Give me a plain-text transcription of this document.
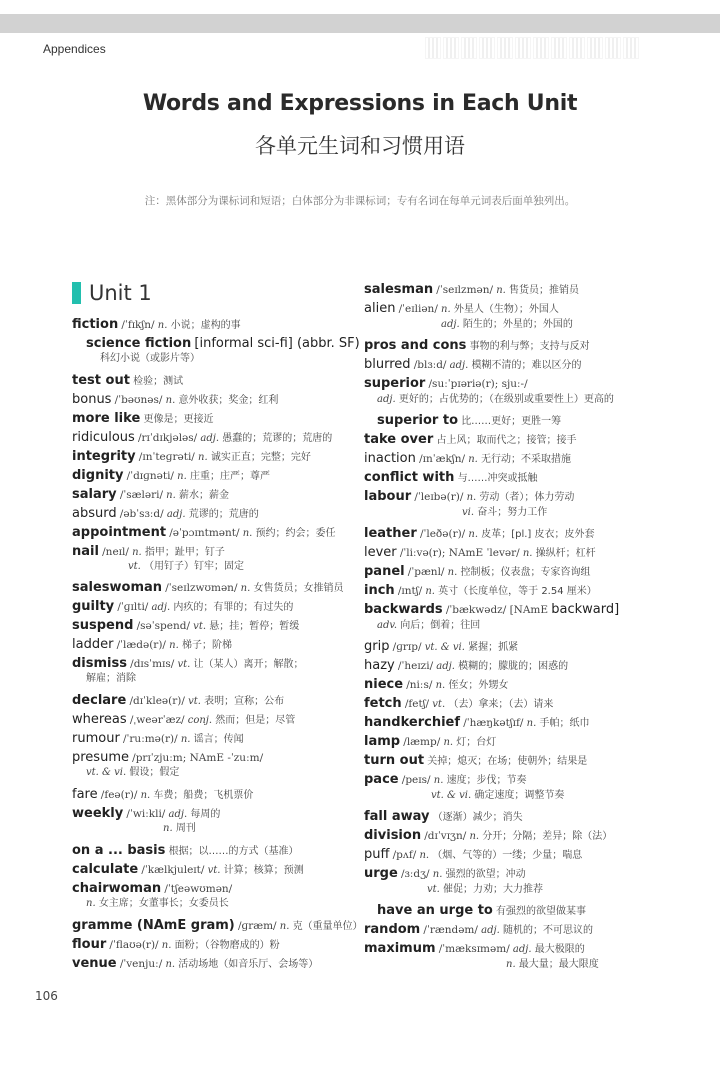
Appendices
Words and Expressions in Each Unit
各单元生词和习惯用语
注：黑体部分为课标词和短语；白体部分为非课标词；专有名词在每单元词表后面单独列出。
Unit 1
fiction /ˈfɪkʃn/ n. 小说；虚构的事
science fiction [informal sci-fi] (abbr. SF)
科幻小说（或影片等）
test out 检验；测试
bonus /ˈbəʊnəs/ n. 意外收获；奖金；红利
more like 更像是；更接近
ridiculous /rɪˈdɪkjələs/ adj. 愚蠢的；荒谬的；荒唐的
integrity /ɪnˈteɡrəti/ n. 诚实正直；完整；完好
dignity /ˈdɪɡnəti/ n. 庄重；庄严；尊严
salary /ˈsæləri/ n. 薪水；薪金
absurd /əbˈsɜːd/ adj. 荒谬的；荒唐的
appointment /əˈpɔɪntmənt/ n. 预约；约会；委任
nail /neɪl/ n. 指甲；趾甲；钉子
vt. （用钉子）钉牢；固定
saleswoman /ˈseɪlzwʊmən/ n. 女售货员；女推销员
guilty /ˈɡɪlti/ adj. 内疚的；有罪的；有过失的
suspend /səˈspend/ vt. 悬；挂；暂停；暂缓
ladder /ˈlædə(r)/ n. 梯子；阶梯
dismiss /dɪsˈmɪs/ vt. 让（某人）离开；解散；
解雇；消除
declare /dɪˈkleə(r)/ vt. 表明；宣称；公布
whereas /ˌweərˈæz/ conj. 然而；但是；尽管
rumour /ˈruːmə(r)/ n. 谣言；传闻
presume /prɪˈzjuːm; NAmE -ˈzuːm/
vt. & vi. 假设；假定
fare /feə(r)/ n. 车费；船费；飞机票价
weekly /ˈwiːkli/ adj. 每周的
n. 周刊
on a ... basis 根据；以……的方式（基准）
calculate /ˈkælkjuleɪt/ vt. 计算；核算；预测
chairwoman /ˈtʃeəwʊmən/
n. 女主席；女董事长；女委员长
gramme (NAmE gram) /ɡræm/ n. 克（重量单位）
flour /ˈflaʊə(r)/ n. 面粉；（谷物磨成的）粉
venue /ˈvenjuː/ n. 活动场地（如音乐厅、会场等）
salesman /ˈseɪlzmən/ n. 售货员；推销员
alien /ˈeɪliən/ n. 外星人（生物）；外国人
adj. 陌生的；外星的；外国的
pros and cons 事物的利与弊；支持与反对
blurred /blɜːd/ adj. 模糊不清的；难以区分的
superior /suːˈpɪəriə(r); sjuː-/
adj. 更好的；占优势的；（在级别或重要性上）更高的
superior to 比……更好；更胜一筹
take over 占上风；取而代之；接管；接手
inaction /ɪnˈækʃn/ n. 无行动；不采取措施
conflict with 与……冲突或抵触
labour /ˈleɪbə(r)/ n. 劳动（者）；体力劳动
vi. 奋斗；努力工作
leather /ˈleðə(r)/ n. 皮革；[pl.] 皮衣；皮外套
lever /ˈliːvə(r); NAmE ˈlevər/ n. 操纵杆；杠杆
panel /ˈpænl/ n. 控制板；仪表盘；专家咨询组
inch /ɪntʃ/ n. 英寸（长度单位，等于 2.54 厘米）
backwards /ˈbækwədz/ [NAmE backward]
adv. 向后；倒着；往回
grip /ɡrɪp/ vt. & vi. 紧握；抓紧
hazy /ˈheɪzi/ adj. 模糊的；朦胧的；困惑的
niece /niːs/ n. 侄女；外甥女
fetch /fetʃ/ vt. （去）拿来；（去）请来
handkerchief /ˈhæŋkətʃɪf/ n. 手帕；纸巾
lamp /læmp/ n. 灯；台灯
turn out 关掉；熄灭；在场；使朝外；结果是
pace /peɪs/ n. 速度；步伐；节奏
vt. & vi. 确定速度；调整节奏
fall away （逐渐）减少；消失
division /dɪˈvɪʒn/ n. 分开；分隔；差异；除（法）
puff /pʌf/ n. （烟、气等的）一缕；少量；喘息
urge /ɜːdʒ/ n. 强烈的欲望；冲动
vt. 催促；力劝；大力推荐
have an urge to 有强烈的欲望做某事
random /ˈrændəm/ adj. 随机的；不可思议的
maximum /ˈmæksɪməm/ adj. 最大极限的
n. 最大量；最大限度
106
